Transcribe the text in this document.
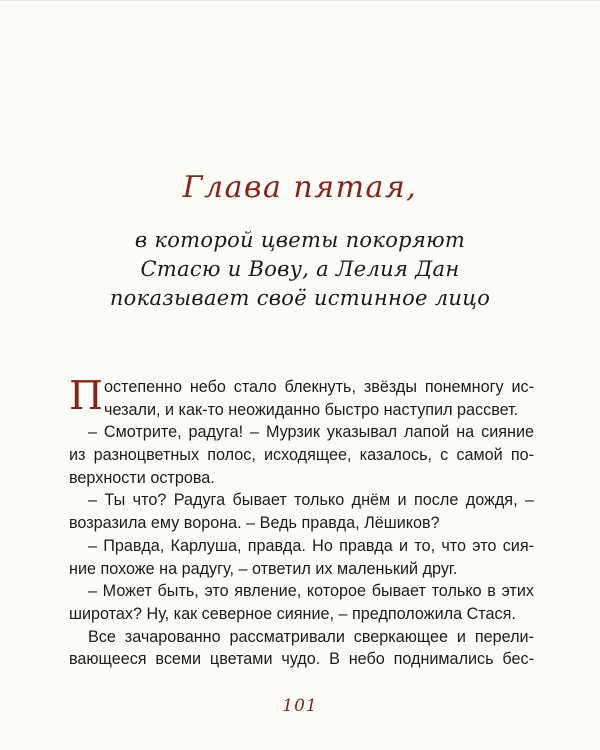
Глава пятая,
в которой цветы покоряют
Стасю и Вову, а Лелия Дан
показывает своё истинное лицо
П остепенно небо стало блекнуть, звёзды понемногу ис-
чезали, и как-то неожиданно быстро наступил рассвет.
– Смотрите, радуга! – Мурзик указывал лапой на сияние
из разноцветных полос, исходящее, казалось, с самой по-
верхности острова.
– Ты что? Радуга бывает только днём и после дождя, –
возразила ему ворона. – Ведь правда, Лёшиков?
– Правда, Карлуша, правда. Но правда и то, что это сия-
ние похоже на радугу, – ответил их маленький друг.
– Может быть, это явление, которое бывает только в этих
широтах? Ну, как северное сияние, – предположила Стася.
Все зачарованно рассматривали сверкающее и перели-
вающееся всеми цветами чудо. В небо поднимались бес-
101
